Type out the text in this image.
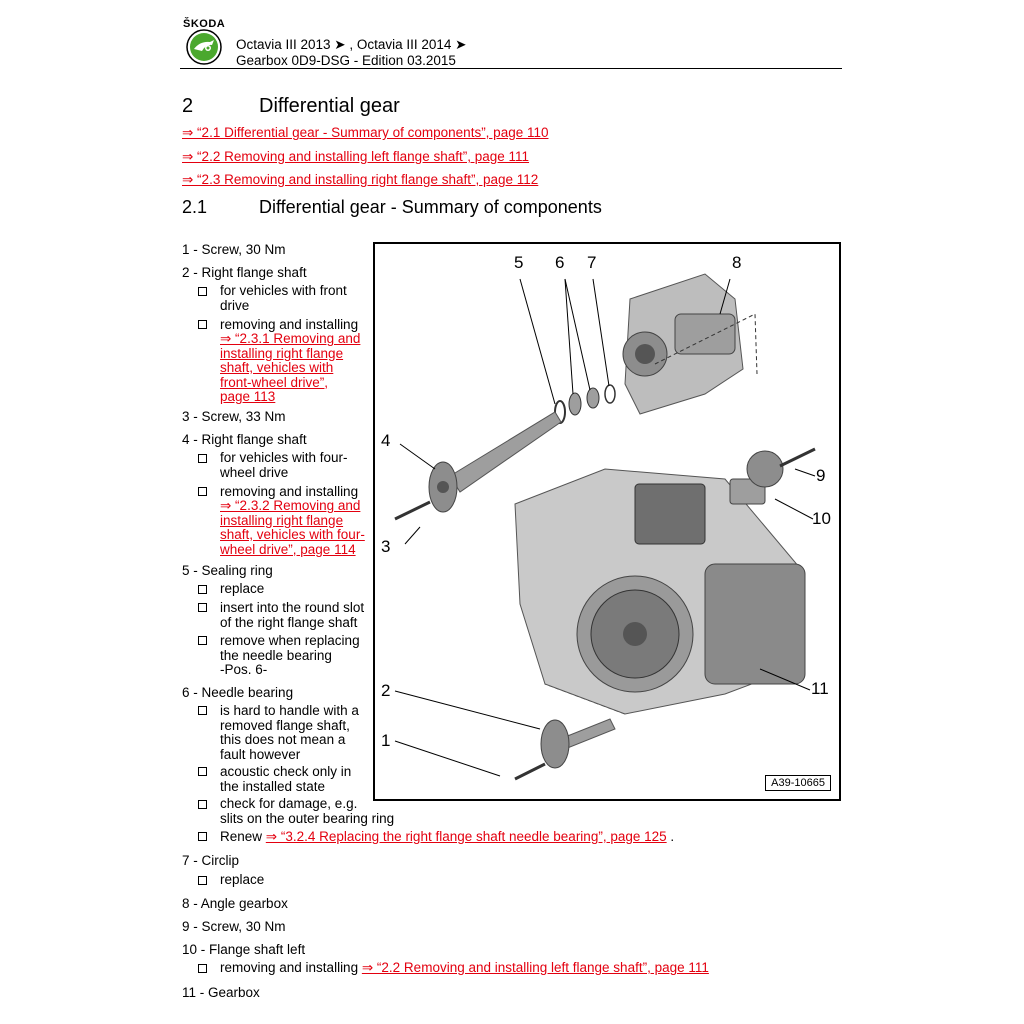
ŠKODA
Octavia III 2013 ➤ , Octavia III 2014 ➤
Gearbox 0D9-DSG - Edition 03.2015
2	Differential gear
⇒ “2.1 Differential gear - Summary of components”, page 110
⇒ “2.2 Removing and installing left flange shaft”, page 111
⇒ “2.3 Removing and installing right flange shaft”, page 112
2.1	Differential gear - Summary of components
1 - Screw, 30 Nm
2 - Right flange shaft
for vehicles with front
drive
removing and installing
⇒ “2.3.1 Removing and
installing right flange
shaft, vehicles with
front-wheel drive”,
page 113
3 - Screw, 33 Nm
4 - Right flange shaft
for vehicles with four-
wheel drive
removing and installing
⇒ “2.3.2 Removing and
installing right flange
shaft, vehicles with four-
wheel drive”, page 114
5 - Sealing ring
replace
insert into the round slot
of the right flange shaft
remove when replacing
the needle bearing
-Pos. 6-
6 - Needle bearing
is hard to handle with a
removed flange shaft,
this does not mean a
fault however
acoustic check only in
the installed state
check for damage, e.g.
slits on the outer bearing ring
Renew ⇒ “3.2.4 Replacing the right flange shaft needle bearing”, page 125 .
7 - Circlip
replace
8 - Angle gearbox
9 - Screw, 30 Nm
10 - Flange shaft left
removing and installing ⇒ “2.2 Removing and installing left flange shaft”, page 111
11 - Gearbox
5 6 7	8
4
3
9
10
2
1
11
A39-10665
